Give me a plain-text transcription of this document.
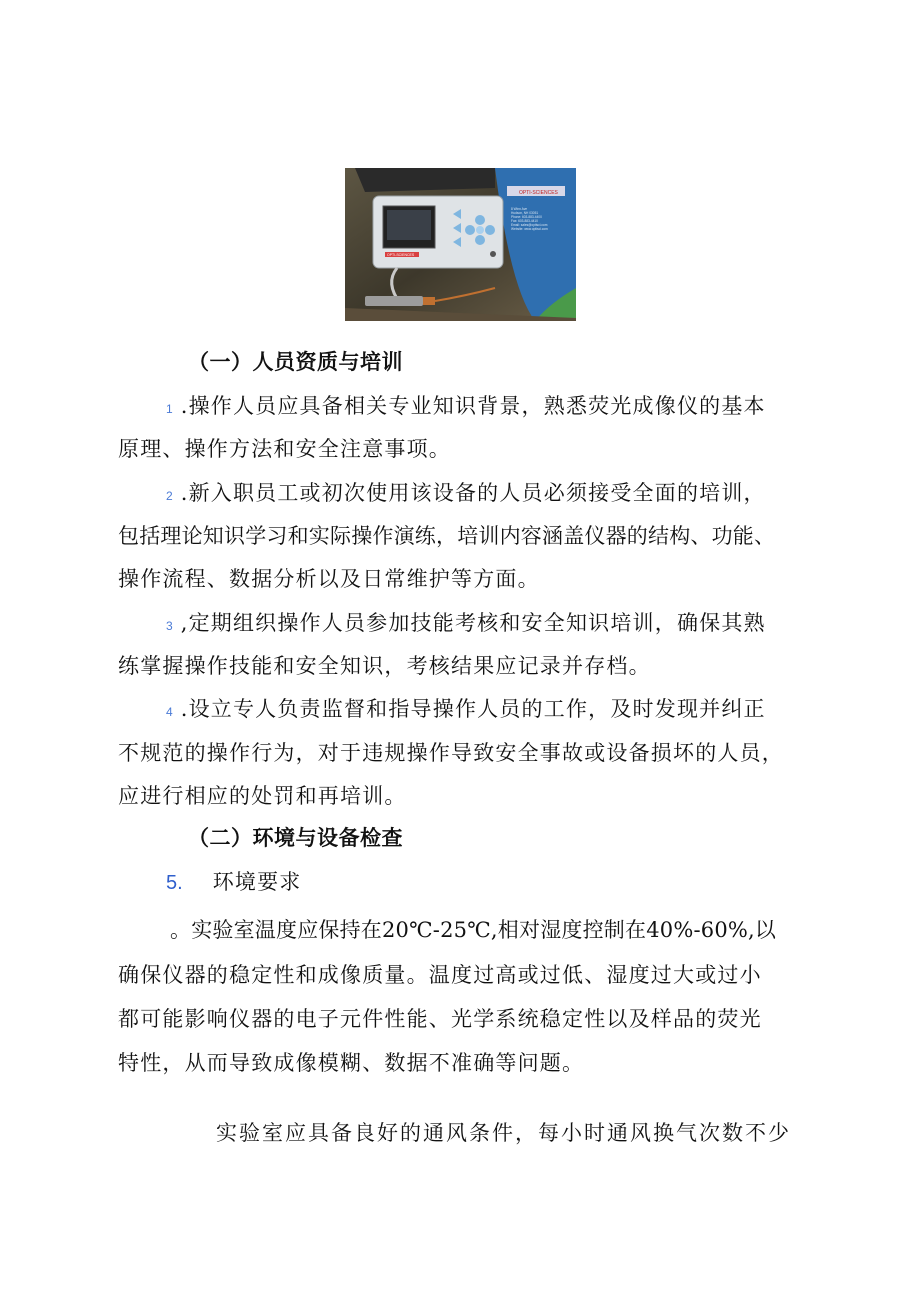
OPTI-SCIENCES
8 Winn Ave
Hudson, NH 03051
Phone: 603-883-4400
Fax: 603-883-4410
Email: sales@optisci.com
Website: www.optisci.com
OPTI-SCIENCES
（一）人员资质与培训
1 .操作人员应具备相关专业知识背景，熟悉荧光成像仪的基本
原理、操作方法和安全注意事项。
2 .新入职员工或初次使用该设备的人员必须接受全面的培训，
包括理论知识学习和实际操作演练，培训内容涵盖仪器的结构、功能、
操作流程、数据分析以及日常维护等方面。
3 ,定期组织操作人员参加技能考核和安全知识培训，确保其熟
练掌握操作技能和安全知识，考核结果应记录并存档。
4 .设立专人负责监督和指导操作人员的工作，及时发现并纠正
不规范的操作行为，对于违规操作导致安全事故或设备损坏的人员，
应进行相应的处罚和再培训。
（二）环境与设备检查
5. 环境要求
。实验室温度应保持在20℃-25℃,相对湿度控制在40%-60%,以
确保仪器的稳定性和成像质量。温度过高或过低、湿度过大或过小
都可能影响仪器的电子元件性能、光学系统稳定性以及样品的荧光
特性，从而导致成像模糊、数据不准确等问题。
实验室应具备良好的通风条件，每小时通风换气次数不少
